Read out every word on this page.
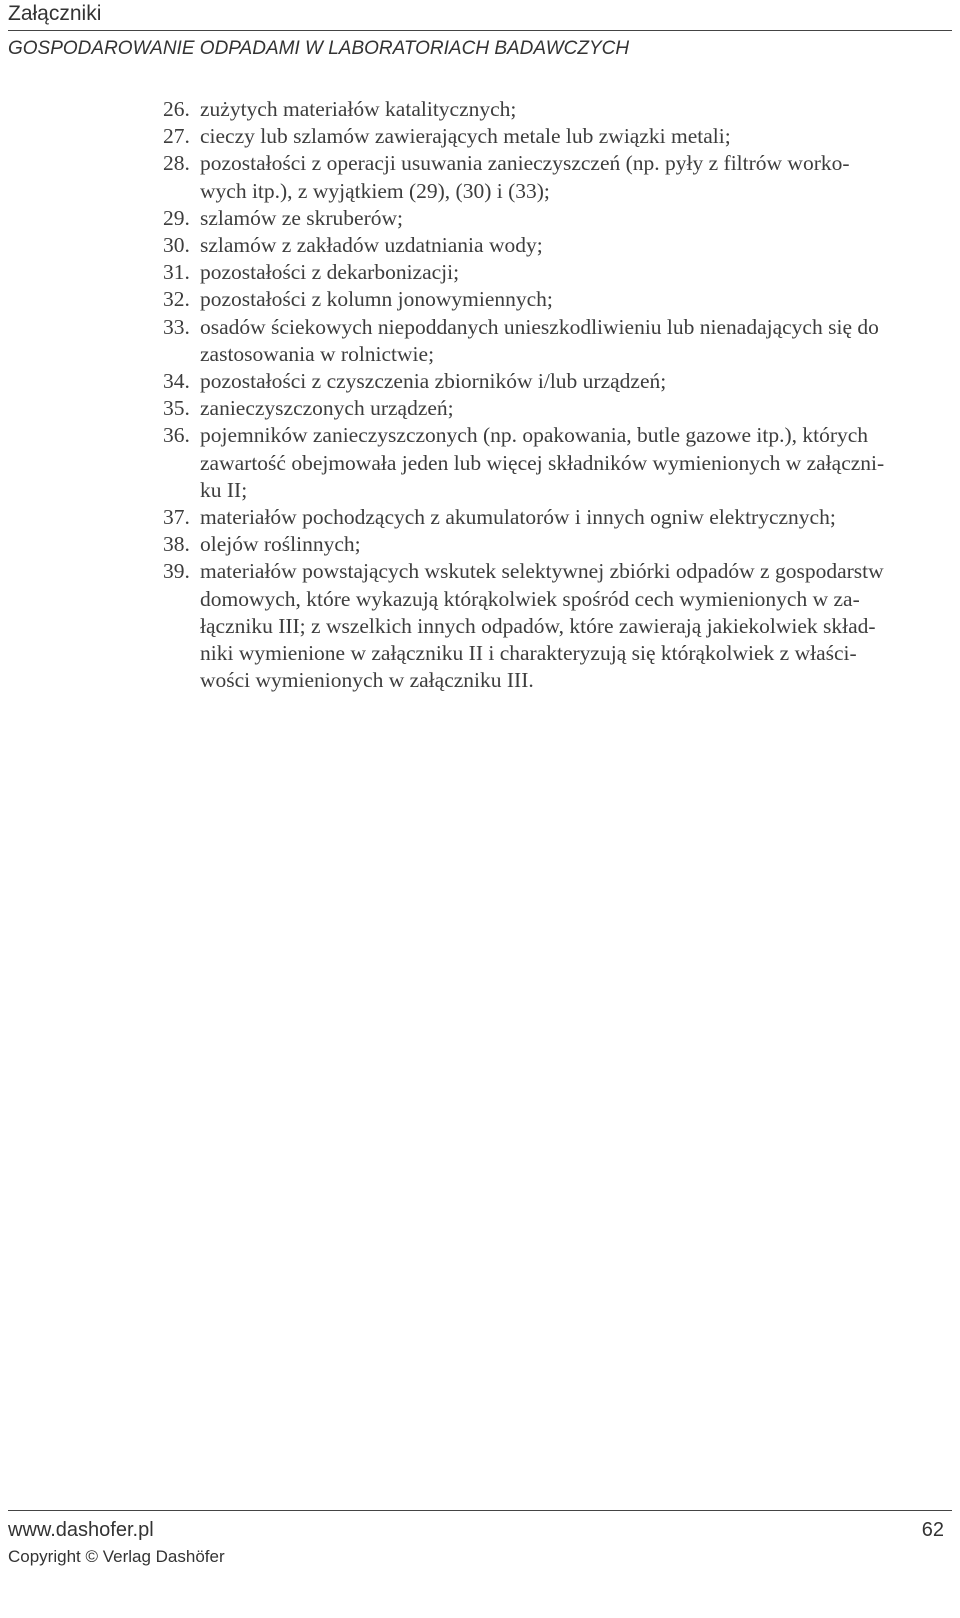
Załączniki
GOSPODAROWANIE ODPADAMI W LABORATORIACH BADAWCZYCH
26. zużytych materiałów katalitycznych;
27. cieczy lub szlamów zawierających metale lub związki metali;
28. pozostałości z operacji usuwania zanieczyszczeń (np. pyły z filtrów worko-
wych itp.), z wyjątkiem (29), (30) i (33);
29. szlamów ze skruberów;
30. szlamów z zakładów uzdatniania wody;
31. pozostałości z dekarbonizacji;
32. pozostałości z kolumn jonowymiennych;
33. osadów ściekowych niepoddanych unieszkodliwieniu lub nienadających się do
zastosowania w rolnictwie;
34. pozostałości z czyszczenia zbiorników i/lub urządzeń;
35. zanieczyszczonych urządzeń;
36. pojemników zanieczyszczonych (np. opakowania, butle gazowe itp.), których
zawartość obejmowała jeden lub więcej składników wymienionych w załączni-
ku II;
37. materiałów pochodzących z akumulatorów i innych ogniw elektrycznych;
38. olejów roślinnych;
39. materiałów powstających wskutek selektywnej zbiórki odpadów z gospodarstw
domowych, które wykazują którąkolwiek spośród cech wymienionych w za-
łączniku III; z wszelkich innych odpadów, które zawierają jakiekolwiek skład-
niki wymienione w załączniku II i charakteryzują się którąkolwiek z właści-
wości wymienionych w załączniku III.
www.dashofer.pl	62
Copyright © Verlag Dashöfer
